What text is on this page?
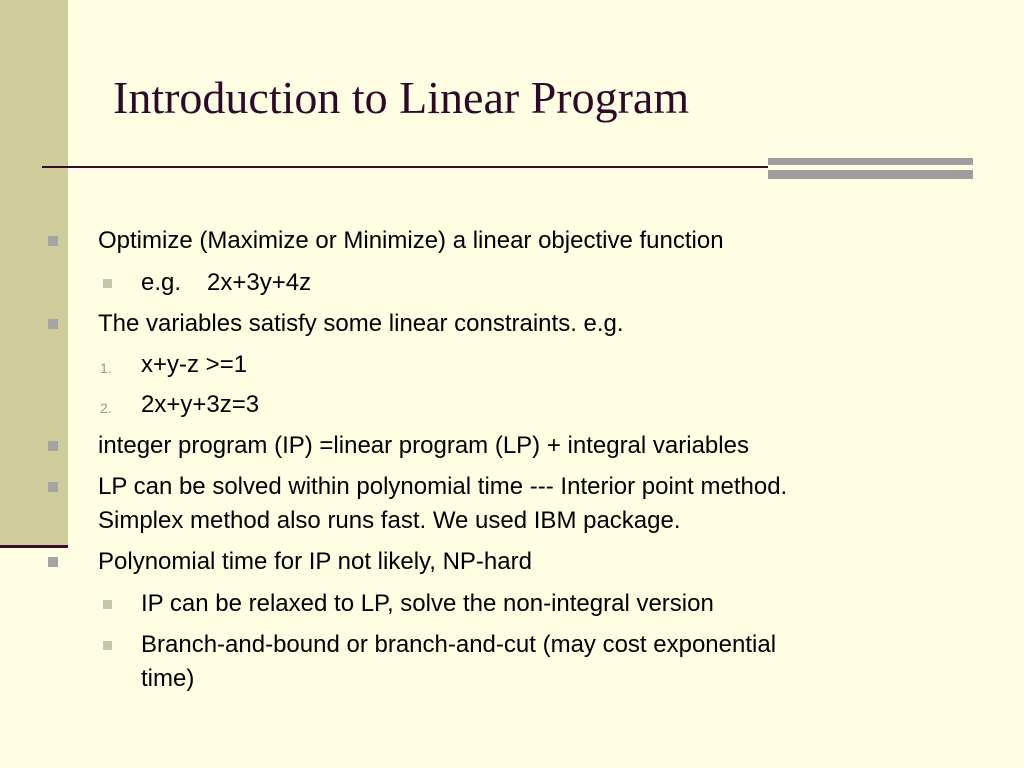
Introduction to Linear Program
Optimize (Maximize or Minimize) a linear objective function
e.g. 2x+3y+4z
The variables satisfy some linear constraints. e.g.
1. x+y-z >=1
2. 2x+y+3z=3
integer program (IP) =linear program (LP) + integral variables
LP can be solved within polynomial time --- Interior point method.
Simplex method also runs fast. We used IBM package.
Polynomial time for IP not likely, NP-hard
IP can be relaxed to LP, solve the non-integral version
Branch-and-bound or branch-and-cut (may cost exponential
time)
